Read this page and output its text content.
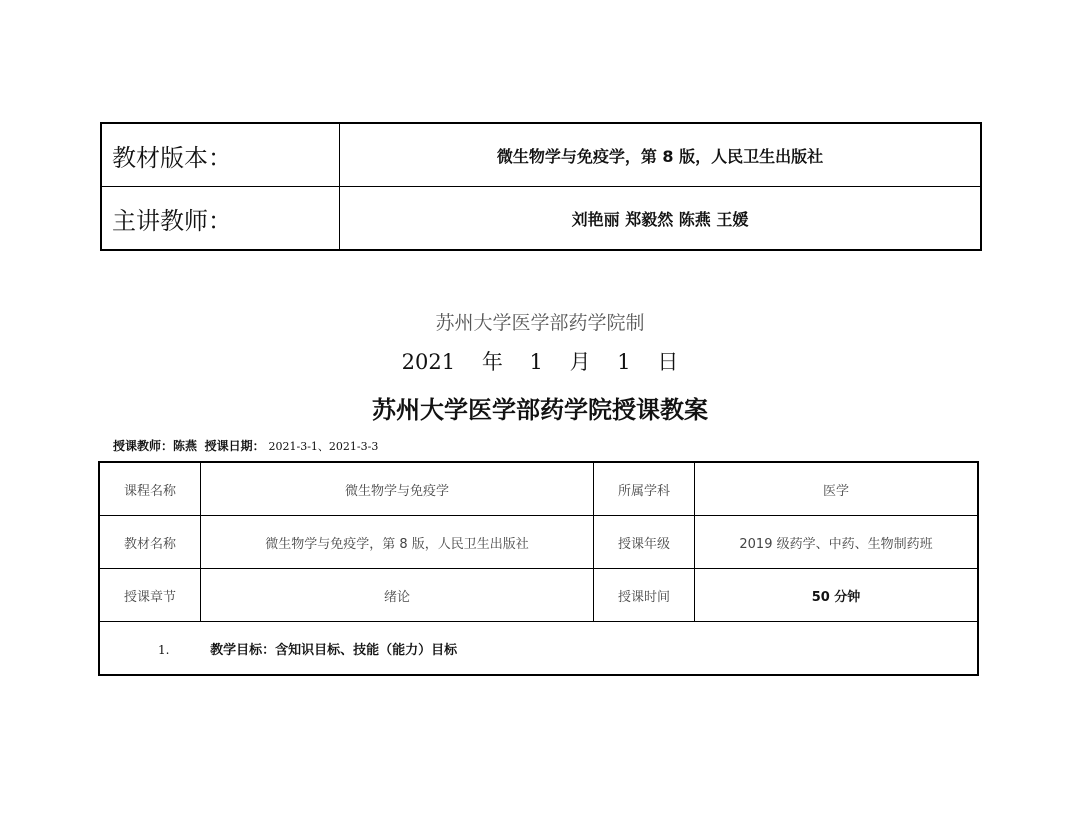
教材版本：	微生物学与免疫学，第 8 版，人民卫生出版社
主讲教师：	刘艳丽 郑毅然 陈燕 王媛
苏州大学医学部药学院制
2021 年 1 月 1 日
苏州大学医学部药学院授课教案
授课教师：陈燕 授课日期： 2021-3-1、2021-3-3
课程名称	微生物学与免疫学	所属学科	医学
教材名称	微生物学与免疫学，第 8 版，人民卫生出版社	授课年级	2019 级药学、中药、生物制药班
授课章节	绪论	授课时间	50 分钟
1. 教学目标：含知识目标、技能（能力）目标			
